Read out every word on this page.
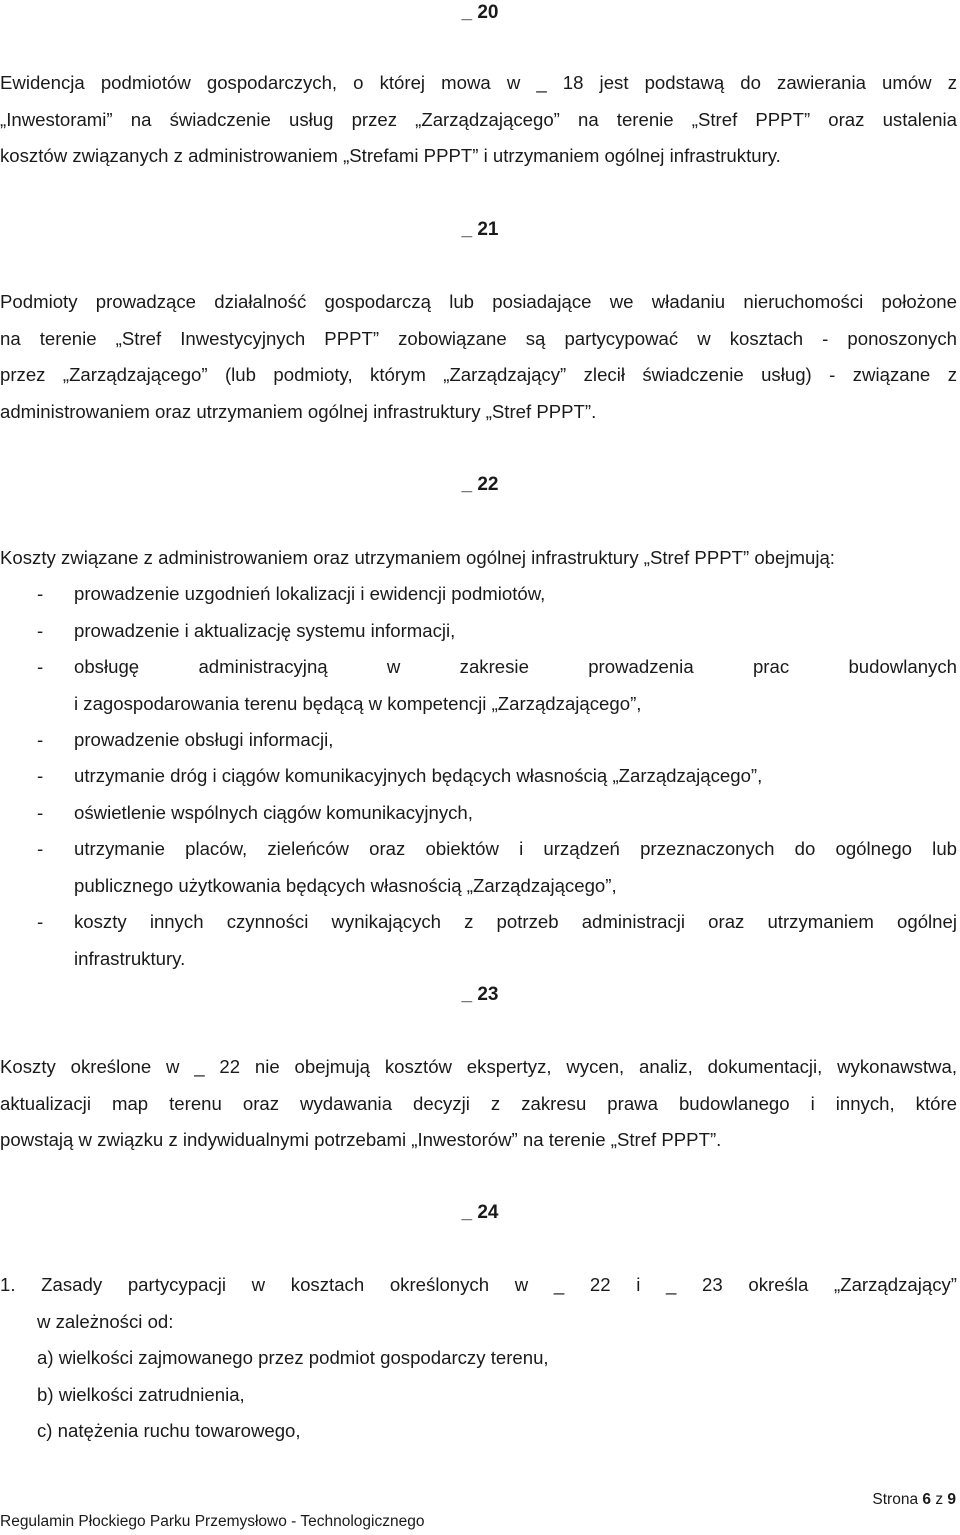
_ 20
Ewidencja podmiotów gospodarczych, o której mowa w _ 18 jest podstawą do zawierania umów z
„Inwestorami” na świadczenie usług przez „Zarządzającego” na terenie „Stref PPPT” oraz ustalenia
kosztów związanych z administrowaniem „Strefami PPPT” i utrzymaniem ogólnej infrastruktury.
_ 21
Podmioty prowadzące działalność gospodarczą lub posiadające we władaniu nieruchomości położone
na terenie „Stref Inwestycyjnych PPPT” zobowiązane są partycypować w kosztach - ponoszonych
przez „Zarządzającego” (lub podmioty, którym „Zarządzający” zlecił świadczenie usług) - związane z
administrowaniem oraz utrzymaniem ogólnej infrastruktury „Stref PPPT”.
_ 22
Koszty związane z administrowaniem oraz utrzymaniem ogólnej infrastruktury „Stref PPPT” obejmują:
- prowadzenie uzgodnień lokalizacji i ewidencji podmiotów,
- prowadzenie i aktualizację systemu informacji,
- obsługę administracyjną w zakresie prowadzenia prac budowlanych
i zagospodarowania terenu będącą w kompetencji „Zarządzającego”,
- prowadzenie obsługi informacji,
- utrzymanie dróg i ciągów komunikacyjnych będących własnością „Zarządzającego”,
- oświetlenie wspólnych ciągów komunikacyjnych,
- utrzymanie placów, zieleńców oraz obiektów i urządzeń przeznaczonych do ogólnego lub
publicznego użytkowania będących własnością „Zarządzającego”,
- koszty innych czynności wynikających z potrzeb administracji oraz utrzymaniem ogólnej
infrastruktury.
_ 23
Koszty określone w _ 22 nie obejmują kosztów ekspertyz, wycen, analiz, dokumentacji, wykonawstwa,
aktualizacji map terenu oraz wydawania decyzji z zakresu prawa budowlanego i innych, które
powstają w związku z indywidualnymi potrzebami „Inwestorów” na terenie „Stref PPPT”.
_ 24
1. Zasady partycypacji w kosztach określonych w _ 22 i _ 23 określa „Zarządzający”
w zależności od:
a) wielkości zajmowanego przez podmiot gospodarczy terenu,
b) wielkości zatrudnienia,
c) natężenia ruchu towarowego,
Strona 6 z 9
Regulamin Płockiego Parku Przemysłowo - Technologicznego
